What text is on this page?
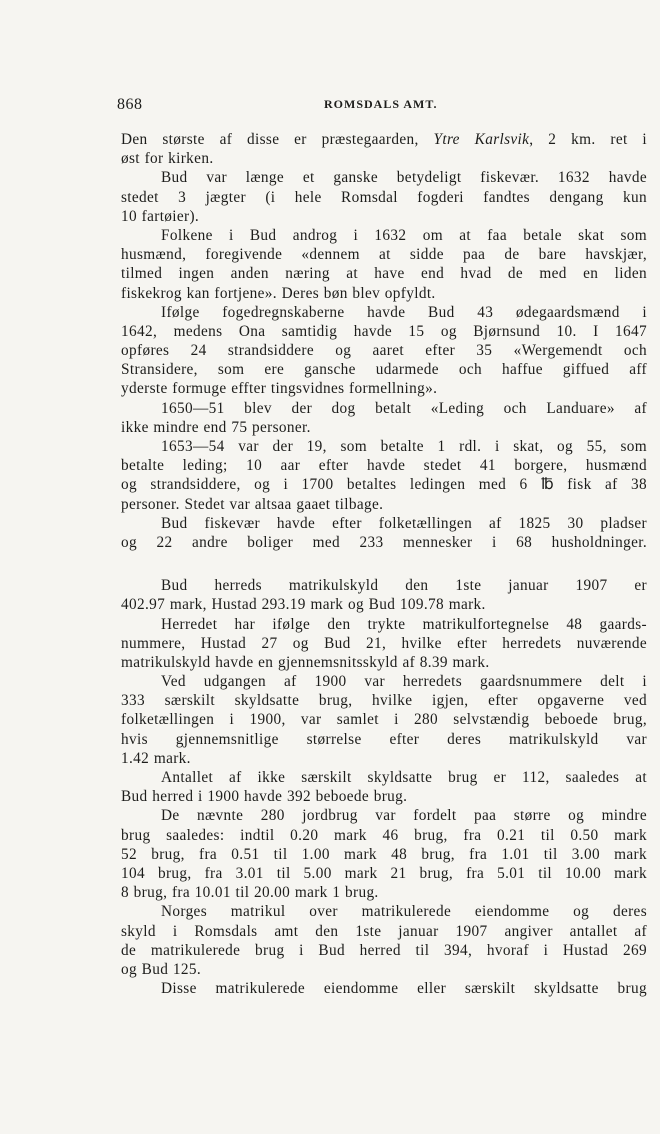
868	ROMSDALS AMT.
Den største af disse er præstegaarden, Ytre Karlsvik, 2 km. ret i
øst for kirken.
Bud var længe et ganske betydeligt fiskevær. 1632 havde
stedet 3 jægter (i hele Romsdal fogderi fandtes dengang kun
10 fartøier).
Folkene i Bud androg i 1632 om at faa betale skat som
husmænd, foregivende «dennem at sidde paa de bare havskjær,
tilmed ingen anden næring at have end hvad de med en liden
fiskekrog kan fortjene». Deres bøn blev opfyldt.
Ifølge fogedregnskaberne havde Bud 43 ødegaardsmænd i
1642, medens Ona samtidig havde 15 og Bjørnsund 10. I 1647
opføres 24 strandsiddere og aaret efter 35 «Wergemendt och
Stransidere, som ere gansche udarmede och haffue giffued aff
yderste formuge effter tingsvidnes formellning».
1650—51 blev der dog betalt «Leding och Landuare» af
ikke mindre end 75 personer.
1653—54 var der 19, som betalte 1 rdl. i skat, og 55, som
betalte leding; 10 aar efter havde stedet 41 borgere, husmænd
og strandsiddere, og i 1700 betaltes ledingen med 6 ℔ fisk af 38
personer. Stedet var altsaa gaaet tilbage.
Bud fiskevær havde efter folketællingen af 1825 30 pladser
og 22 andre boliger med 233 mennesker i 68 husholdninger.
Bud herreds matrikulskyld den 1ste januar 1907 er
402.97 mark, Hustad 293.19 mark og Bud 109.78 mark.
Herredet har ifølge den trykte matrikulfortegnelse 48 gaards-
nummere, Hustad 27 og Bud 21, hvilke efter herredets nuværende
matrikulskyld havde en gjennemsnitsskyld af 8.39 mark.
Ved udgangen af 1900 var herredets gaardsnummere delt i
333 særskilt skyldsatte brug, hvilke igjen, efter opgaverne ved
folketællingen i 1900, var samlet i 280 selvstændig beboede brug,
hvis gjennemsnitlige størrelse efter deres matrikulskyld var
1.42 mark.
Antallet af ikke særskilt skyldsatte brug er 112, saaledes at
Bud herred i 1900 havde 392 beboede brug.
De nævnte 280 jordbrug var fordelt paa større og mindre
brug saaledes: indtil 0.20 mark 46 brug, fra 0.21 til 0.50 mark
52 brug, fra 0.51 til 1.00 mark 48 brug, fra 1.01 til 3.00 mark
104 brug, fra 3.01 til 5.00 mark 21 brug, fra 5.01 til 10.00 mark
8 brug, fra 10.01 til 20.00 mark 1 brug.
Norges matrikul over matrikulerede eiendomme og deres
skyld i Romsdals amt den 1ste januar 1907 angiver antallet af
de matrikulerede brug i Bud herred til 394, hvoraf i Hustad 269
og Bud 125.
Disse matrikulerede eiendomme eller særskilt skyldsatte brug
